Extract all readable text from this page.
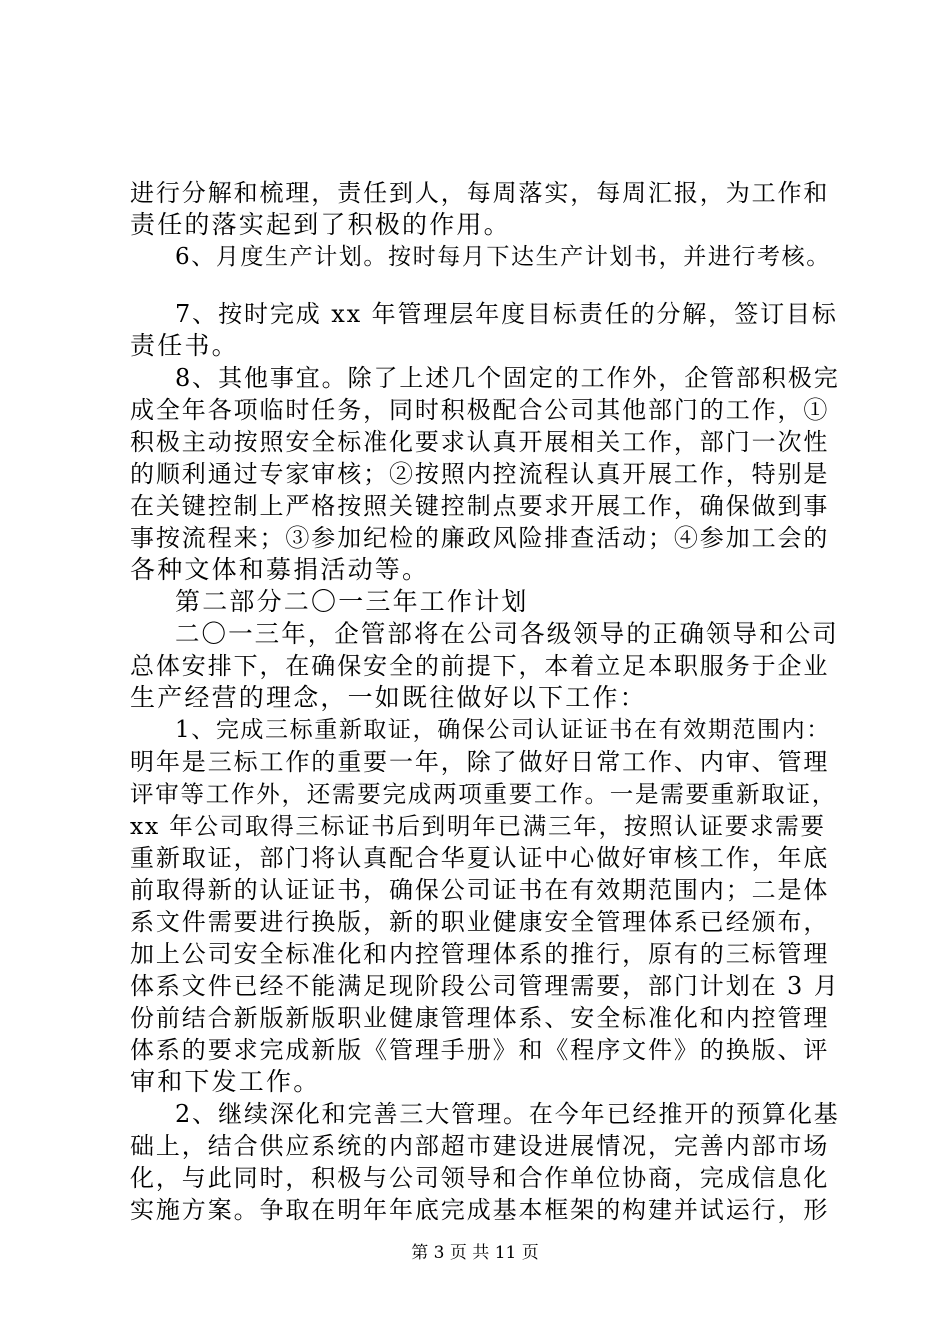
进行分解和梳理，责任到人，每周落实，每周汇报，为工作和
责任的落实起到了积极的作用。
6、月度生产计划。按时每月下达生产计划书，并进行考核。
7、按时完成 xx 年管理层年度目标责任的分解，签订目标
责任书。
8、其他事宜。除了上述几个固定的工作外，企管部积极完
成全年各项临时任务，同时积极配合公司其他部门的工作，①
积极主动按照安全标准化要求认真开展相关工作，部门一次性
的顺利通过专家审核；②按照内控流程认真开展工作，特别是
在关键控制上严格按照关键控制点要求开展工作，确保做到事
事按流程来；③参加纪检的廉政风险排查活动；④参加工会的
各种文体和募捐活动等。
第二部分二〇一三年工作计划
二〇一三年，企管部将在公司各级领导的正确领导和公司
总体安排下，在确保安全的前提下，本着立足本职服务于企业
生产经营的理念，一如既往做好以下工作：
1、完成三标重新取证，确保公司认证证书在有效期范围内：
明年是三标工作的重要一年，除了做好日常工作、内审、管理
评审等工作外，还需要完成两项重要工作。一是需要重新取证，
xx 年公司取得三标证书后到明年已满三年，按照认证要求需要
重新取证，部门将认真配合华夏认证中心做好审核工作，年底
前取得新的认证证书，确保公司证书在有效期范围内；二是体
系文件需要进行换版，新的职业健康安全管理体系已经颁布，
加上公司安全标准化和内控管理体系的推行，原有的三标管理
体系文件已经不能满足现阶段公司管理需要，部门计划在 3 月
份前结合新版新版职业健康管理体系、安全标准化和内控管理
体系的要求完成新版《管理手册》和《程序文件》的换版、评
审和下发工作。
2、继续深化和完善三大管理。在今年已经推开的预算化基
础上，结合供应系统的内部超市建设进展情况，完善内部市场
化，与此同时，积极与公司领导和合作单位协商，完成信息化
实施方案。争取在明年年底完成基本框架的构建并试运行，形
第 3 页 共 11 页
